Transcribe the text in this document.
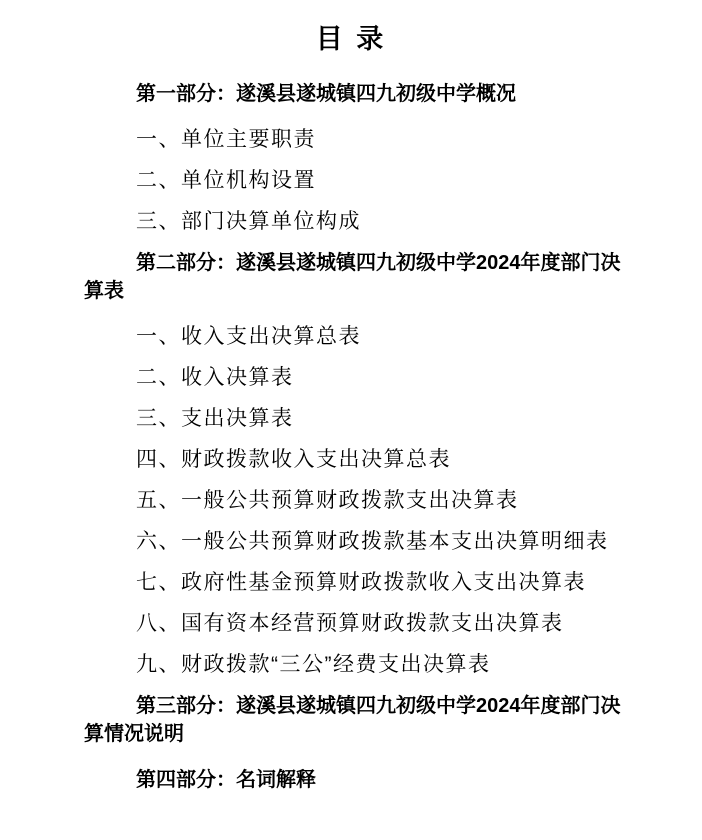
目 录

第一部分：遂溪县遂城镇四九初级中学概况

一、单位主要职责

二、单位机构设置

三、部门决算单位构成

第二部分：遂溪县遂城镇四九初级中学2024年度部门决算表

一、收入支出决算总表

二、收入决算表

三、支出决算表

四、财政拨款收入支出决算总表

五、一般公共预算财政拨款支出决算表

六、一般公共预算财政拨款基本支出决算明细表

七、政府性基金预算财政拨款收入支出决算表

八、国有资本经营预算财政拨款支出决算表

九、财政拨款“三公”经费支出决算表

第三部分：遂溪县遂城镇四九初级中学2024年度部门决算情况说明

第四部分：名词解释
